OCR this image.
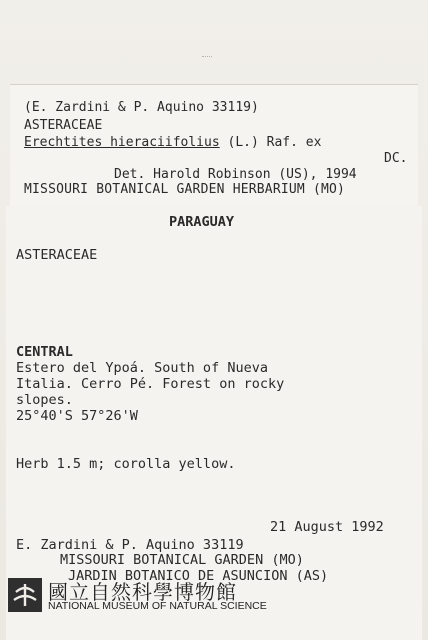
(E. Zardini & P. Aquino 33119)
ASTERACEAE
Erechtites hieraciifolius (L.) Raf. ex
DC.
Det. Harold Robinson (US), 1994
MISSOURI BOTANICAL GARDEN HERBARIUM (MO)
PARAGUAY
ASTERACEAE
CENTRAL
Estero del Ypoá. South of Nueva
Italia. Cerro Pé. Forest on rocky
slopes.
25°40'S 57°26'W
Herb 1.5 m; corolla yellow.
21 August 1992
E. Zardini & P. Aquino 33119
MISSOURI BOTANICAL GARDEN (MO)
JARDIN BOTANICO DE ASUNCION (AS)
國立自然科學博物館
NATIONAL MUSEUM OF NATURAL SCIENCE
